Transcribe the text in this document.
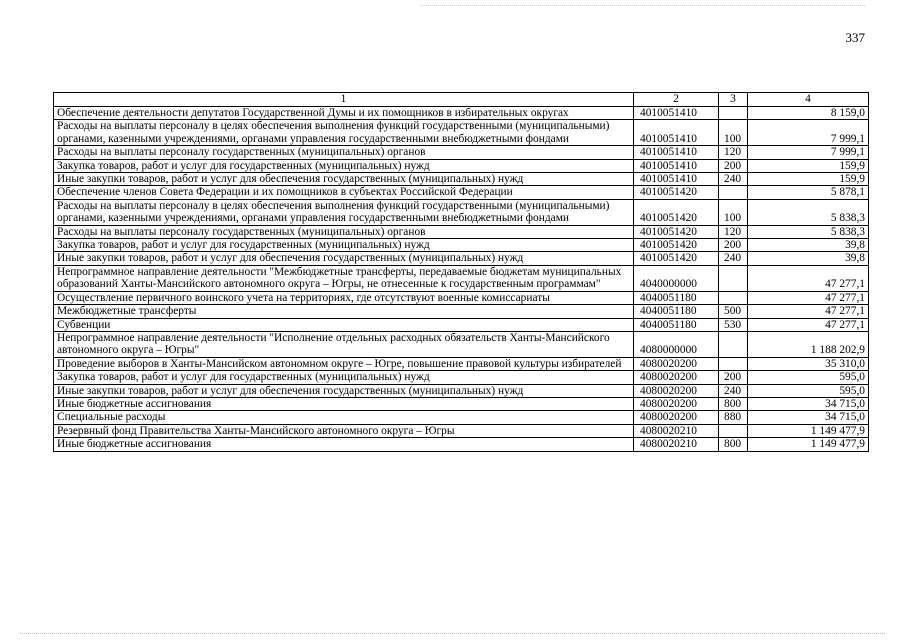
337
1	2	3	4
Обеспечение деятельности депутатов Государственной Думы и их помощников в избирательных округах	4010051410		8 159,0
Расходы на выплаты персоналу в целях обеспечения выполнения функций государственными (муниципальными) органами, казенными учреждениями, органами управления государственными внебюджетными фондами	4010051410	100	7 999,1
Расходы на выплаты персоналу государственных (муниципальных) органов	4010051410	120	7 999,1
Закупка товаров, работ и услуг для государственных (муниципальных) нужд	4010051410	200	159,9
Иные закупки товаров, работ и услуг для обеспечения государственных (муниципальных) нужд	4010051410	240	159,9
Обеспечение членов Совета Федерации и их помощников в субъектах Российской Федерации	4010051420		5 878,1
Расходы на выплаты персоналу в целях обеспечения выполнения функций государственными (муниципальными) органами, казенными учреждениями, органами управления государственными внебюджетными фондами	4010051420	100	5 838,3
Расходы на выплаты персоналу государственных (муниципальных) органов	4010051420	120	5 838,3
Закупка товаров, работ и услуг для государственных (муниципальных) нужд	4010051420	200	39,8
Иные закупки товаров, работ и услуг для обеспечения государственных (муниципальных) нужд	4010051420	240	39,8
Непрограммное направление деятельности "Межбюджетные трансферты, передаваемые бюджетам муниципальных образований Ханты-Мансийского автономного округа – Югры, не отнесенные к государственным программам"	4040000000		47 277,1
Осуществление первичного воинского учета на территориях, где отсутствуют военные комиссариаты	4040051180		47 277,1
Межбюджетные трансферты	4040051180	500	47 277,1
Субвенции	4040051180	530	47 277,1
Непрограммное направление деятельности "Исполнение отдельных расходных обязательств Ханты-Мансийского автономного округа – Югры"	4080000000		1 188 202,9
Проведение выборов в Ханты-Мансийском автономном округе – Югре, повышение правовой культуры избирателей	4080020200		35 310,0
Закупка товаров, работ и услуг для государственных (муниципальных) нужд	4080020200	200	595,0
Иные закупки товаров, работ и услуг для обеспечения государственных (муниципальных) нужд	4080020200	240	595,0
Иные бюджетные ассигнования	4080020200	800	34 715,0
Специальные расходы	4080020200	880	34 715,0
Резервный фонд Правительства Ханты-Мансийского автономного округа – Югры	4080020210		1 149 477,9
Иные бюджетные ассигнования	4080020210	800	1 149 477,9
